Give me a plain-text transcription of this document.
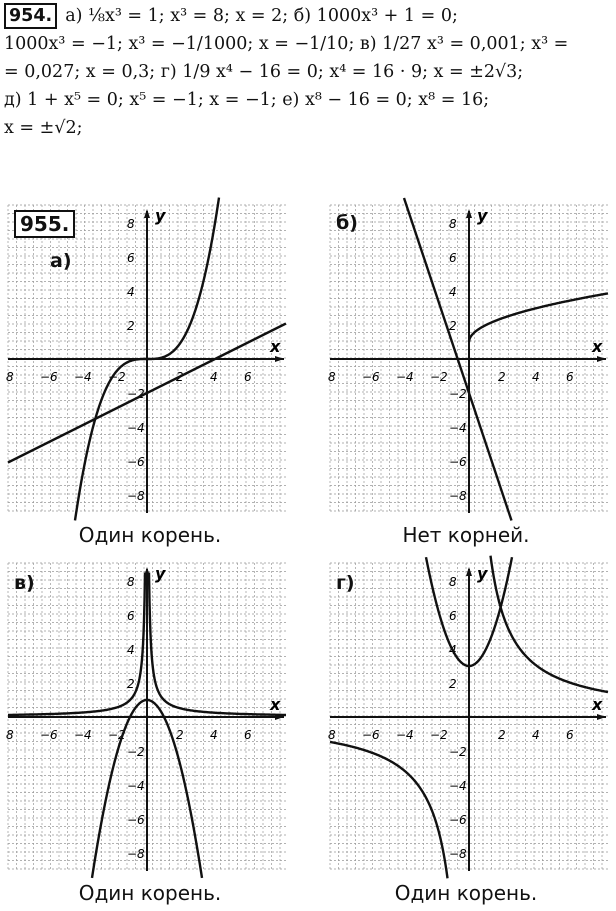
954. а) ⅛x³ = 1; x³ = 8; x = 2; б) 1000x³ + 1 = 0;
1000x³ = −1; x³ = −1/1000; x = −1/10; в) 1/27 x³ = 0,001; x³ =
= 0,027; x = 0,3; г) 1/9 x⁴ − 16 = 0; x⁴ = 16 · 9; x = ±2√3;
д) 1 + x⁵ = 0; x⁵ = −1; x = −1; е) x⁸ − 16 = 0; x⁸ = 16;
x = ±√2;
x
y
8 −6 −4 −2	2 4 6
8
6
4
2
−2
−4
−6
−8
x
y
8 −6 −4 −2	2 4 6
8
6
4
2
−2
−4
−6
−8
x
y
8 −6 −4 −2	2 4 6
8
6
4
2
−2
−4
−6
−8
x
y
8 −6 −4 −2	2 4 6
8
6
4
2
−2
−4
−6
−8
955.
а)
б)
в)	г)
Один корень.	Нет корней.
Один корень.	Один корень.
